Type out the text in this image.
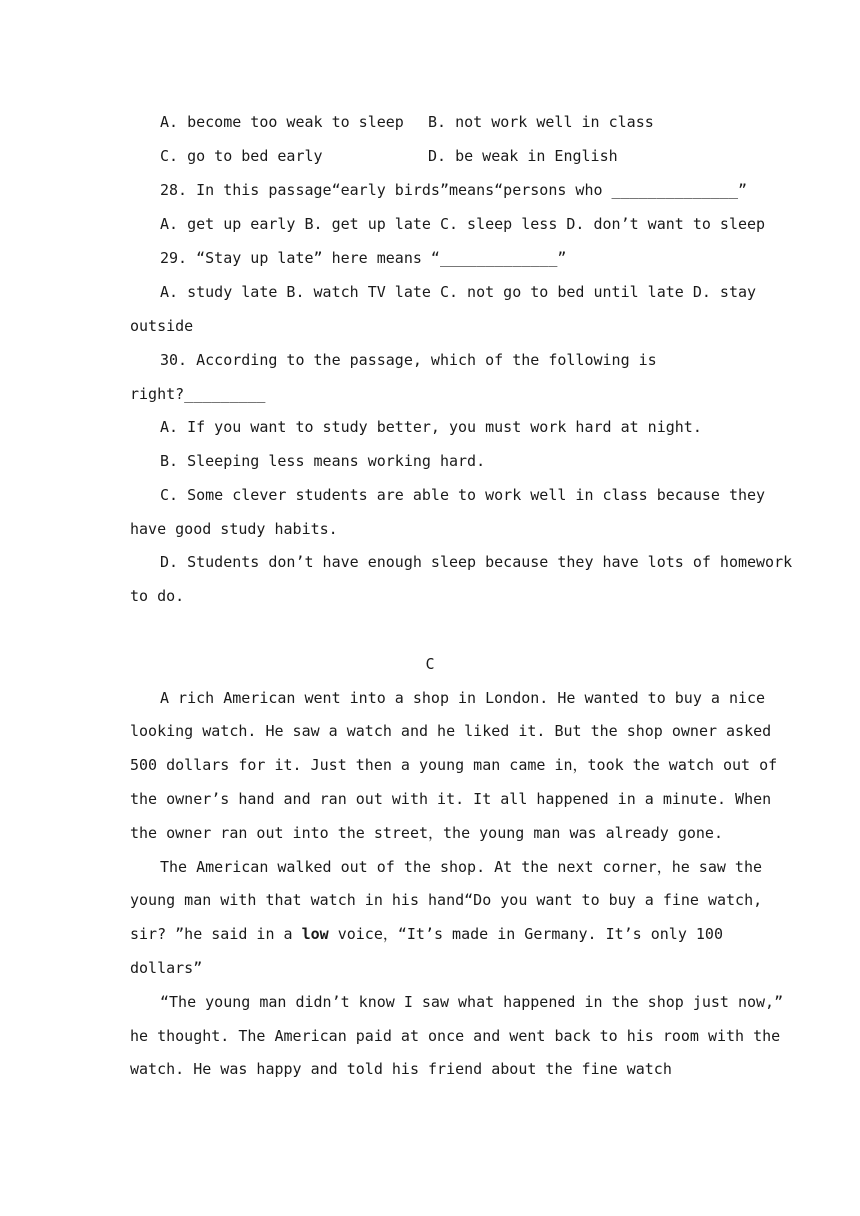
A. become too weak to sleep B. not work well in class
C. go to bed early	D. be weak in English
28. In this passage“early birds”means“persons who ______________”
A. get up early B. get up late C. sleep less D. don’t want to sleep
29. “Stay up late” here means “_____________”
A. study late B. watch TV late C. not go to bed until late D. stay
outside
30. According to the passage, which of the following is
right?_________
A. If you want to study better, you must work hard at night.
B. Sleeping less means working hard.
C. Some clever students are able to work well in class because they
have good study habits.
D. Students don’t have enough sleep because they have lots of homework
to do.
C
A rich American went into a shop in London. He wanted to buy a nice
looking watch. He saw a watch and he liked it. But the shop owner asked
500 dollars for it. Just then a young man came in，took the watch out of
the owner’s hand and ran out with it. It all happened in a minute. When
the owner ran out into the street，the young man was already gone.
The American walked out of the shop. At the next corner，he saw the
young man with that watch in his hand“Do you want to buy a fine watch,
sir? ”he said in a low voice，“It’s made in Germany. It’s only 100
dollars”
“The young man didn’t know I saw what happened in the shop just now,”
he thought. The American paid at once and went back to his room with the
watch. He was happy and told his friend about the fine watch
